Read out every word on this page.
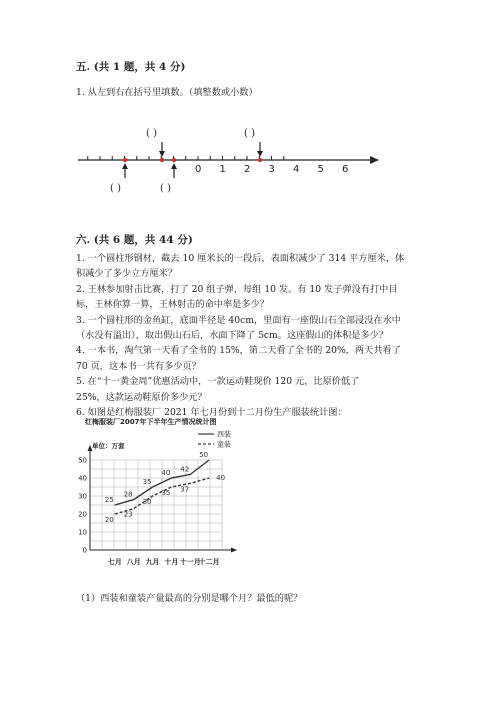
五. (共 1 题，共 4 分)
1. 从左到右在括号里填数。（填整数或小数）
0 1 2 3 4 5 6
( )	( )
( )	( )
六. (共 6 题，共 44 分)
1. 一个圆柱形钢材，截去 10 厘米长的一段后，表面积减少了 314 平方厘米，体
积减少了多少立方厘米？
2. 王林参加射击比赛，打了 20 组子弹，每组 10 发。有 10 发子弹没有打中目
标，王林你算一算，王林射击的命中率是多少？
3. 一个圆柱形的金鱼缸，底面半径是 40cm，里面有一座假山石全部浸没在水中
（水没有溢出），取出假山石后，水面下降了 5cm。这座假山的体积是多少？
4. 一本书，淘气第一天看了全书的 15%，第二天看了全书的 20%，两天共看了
70 页，这本书一共有多少页？
5. 在“十一黄金周”优惠活动中，一款运动鞋现价 120 元，比原价低了
25%，这款运动鞋原价多少元？
6. 如图是红梅服装厂 2021 年七月份到十二月份生产服装统计图：
红梅服装厂2007年下半年生产情况统计图
单位：万套
西装
童装
0
10
20
30
40
50
七月 八月 九月 十月 十一月
十二月
25
28
35
40 42
50
20
23
30
35 37
40
（1）西装和童装产量最高的分别是哪个月？最低的呢？
